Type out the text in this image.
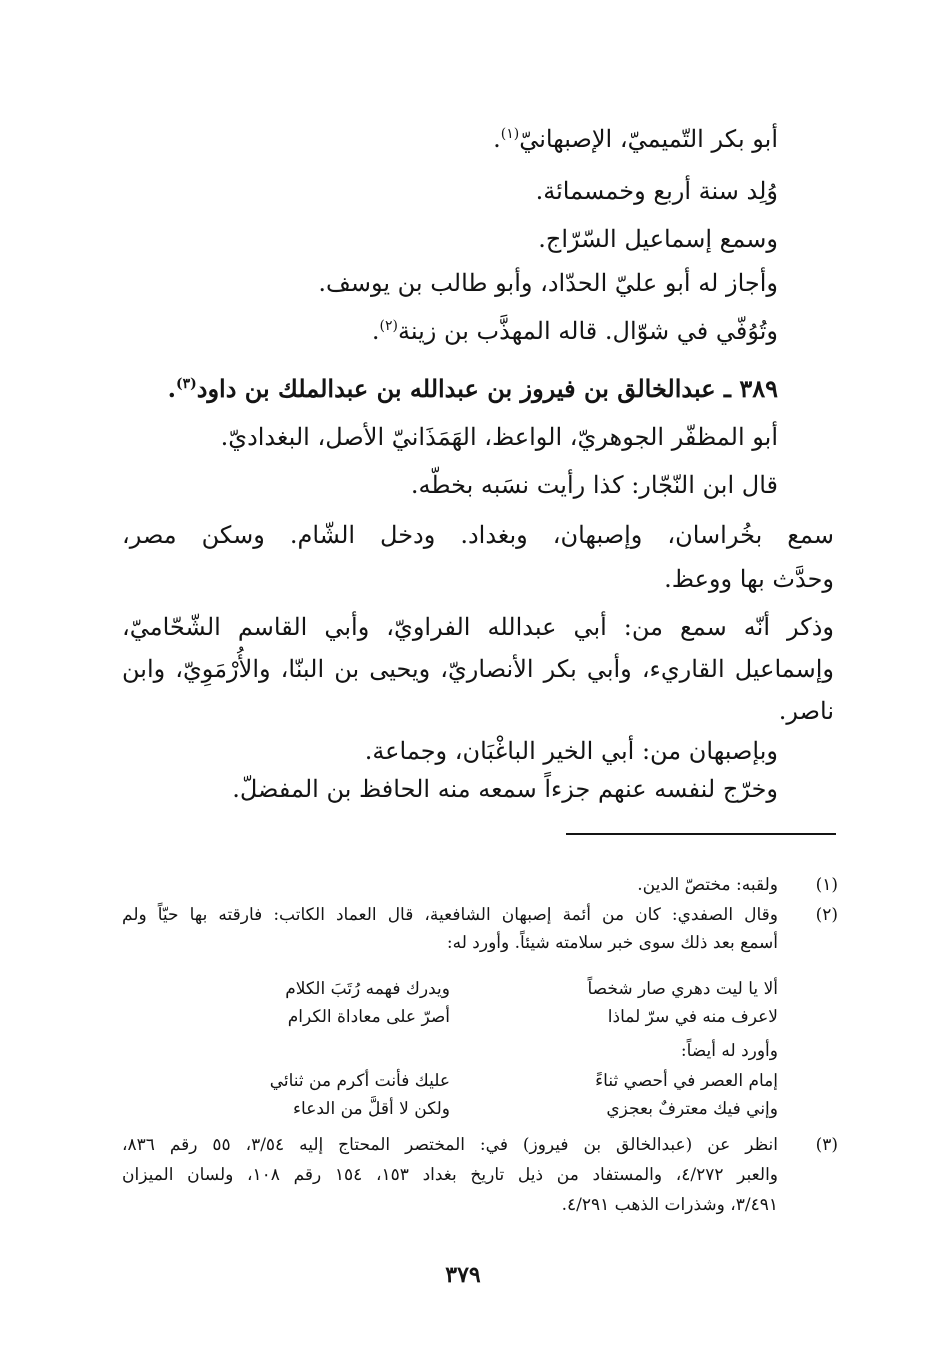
أبو بكر التّميميّ، الإصبهانيّ$^{(١)}$.
وُلِد سنة أربع وخمسمائة.
وسمع إسماعيل السّرّاج.
وأجاز له أبو عليّ الحدّاد، وأبو طالب بن يوسف.
وتُوُفّي في شوّال. قاله المهذَّب بن زينة$^{(٢)}$.
٣٨٩ ـ عبدالخالق بن فيروز بن عبدالله بن عبدالملك بن داود$^{(٣)}$.
أبو المظفّر الجوهريّ، الواعظ، الهَمَذَانيّ الأصل، البغداديّ.
قال ابن النّجّار: كذا رأيت نسَبه بخطّه.
سمع بخُراسان، وإصبهان، وبغداد. ودخل الشّام. وسكن مصر،
وحدَّث بها ووعظ.
وذكر أنّه سمع من: أبي عبدالله الفراويّ، وأبي القاسم الشّحّاميّ،
وإسماعيل القاريء، وأبي بكر الأنصاريّ، ويحيى بن البنّا، والأُرْمَوِيّ، وابن
ناصر.
وبإصبهان من: أبي الخير الباغْبَان، وجماعة.
وخرّج لنفسه عنهم جزءاً سمعه منه الحافظ بن المفضلّ.
(١)
ولقبه: مختصّ الدين.
(٢)
وقال الصفدي: كان من أئمة إصبهان الشافعية، قال العماد الكاتب: فارقته بها حيّاً ولم
أسمع بعد ذلك سوى خبر سلامته شيئاً. وأورد له:
ألا يا ليت دهري صار شخصاً
ويدرك فهمه رُتَبَ الكلام
لاعرف منه في سرّ لماذا
أصرّ على معاداة الكرام
وأورد له أيضاً:
إمام العصر في أحصي ثناءً
عليك فأنت أكرم من ثنائي
وإني فيك معترفٌ بعجزي
ولكن لا أقلَّ من الدعاء
(٣)
انظر عن (عبدالخالق بن فيروز) في: المختصر المحتاج إليه ٣/٥٤، ٥٥ رقم ٨٣٦،
والعبر ٤/٢٧٢، والمستفاد من ذيل تاريخ بغداد ١٥٣، ١٥٤ رقم ١٠٨، ولسان الميزان
٣/٤٩١، وشذرات الذهب ٤/٢٩١.
٣٧٩
